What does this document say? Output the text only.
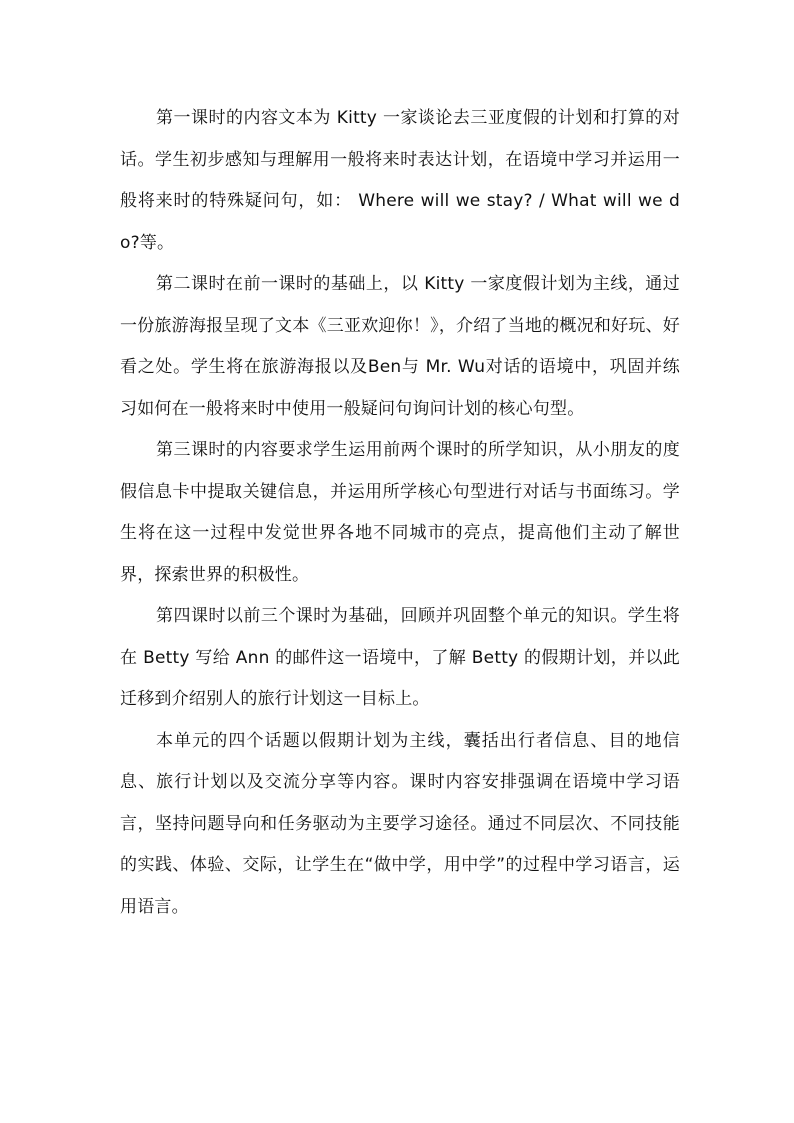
第一课时的内容文本为 Kitty 一家谈论去三亚度假的计划和打算的对话。学生初步感知与理解用一般将来时表达计划，在语境中学习并运用一般将来时的特殊疑问句，如： Where will we stay? / What will we do?等。

第二课时在前一课时的基础上，以 Kitty 一家度假计划为主线，通过一份旅游海报呈现了文本《三亚欢迎你！》，介绍了当地的概况和好玩、好看之处。学生将在旅游海报以及Ben与 Mr. Wu对话的语境中，巩固并练习如何在一般将来时中使用一般疑问句询问计划的核心句型。

第三课时的内容要求学生运用前两个课时的所学知识，从小朋友的度假信息卡中提取关键信息，并运用所学核心句型进行对话与书面练习。学生将在这一过程中发觉世界各地不同城市的亮点，提高他们主动了解世界，探索世界的积极性。

第四课时以前三个课时为基础，回顾并巩固整个单元的知识。学生将在 Betty 写给 Ann 的邮件这一语境中，了解 Betty 的假期计划，并以此迁移到介绍别人的旅行计划这一目标上。

本单元的四个话题以假期计划为主线，囊括出行者信息、目的地信息、旅行计划以及交流分享等内容。课时内容安排强调在语境中学习语言，坚持问题导向和任务驱动为主要学习途径。通过不同层次、不同技能的实践、体验、交际，让学生在“做中学，用中学”的过程中学习语言，运用语言。
